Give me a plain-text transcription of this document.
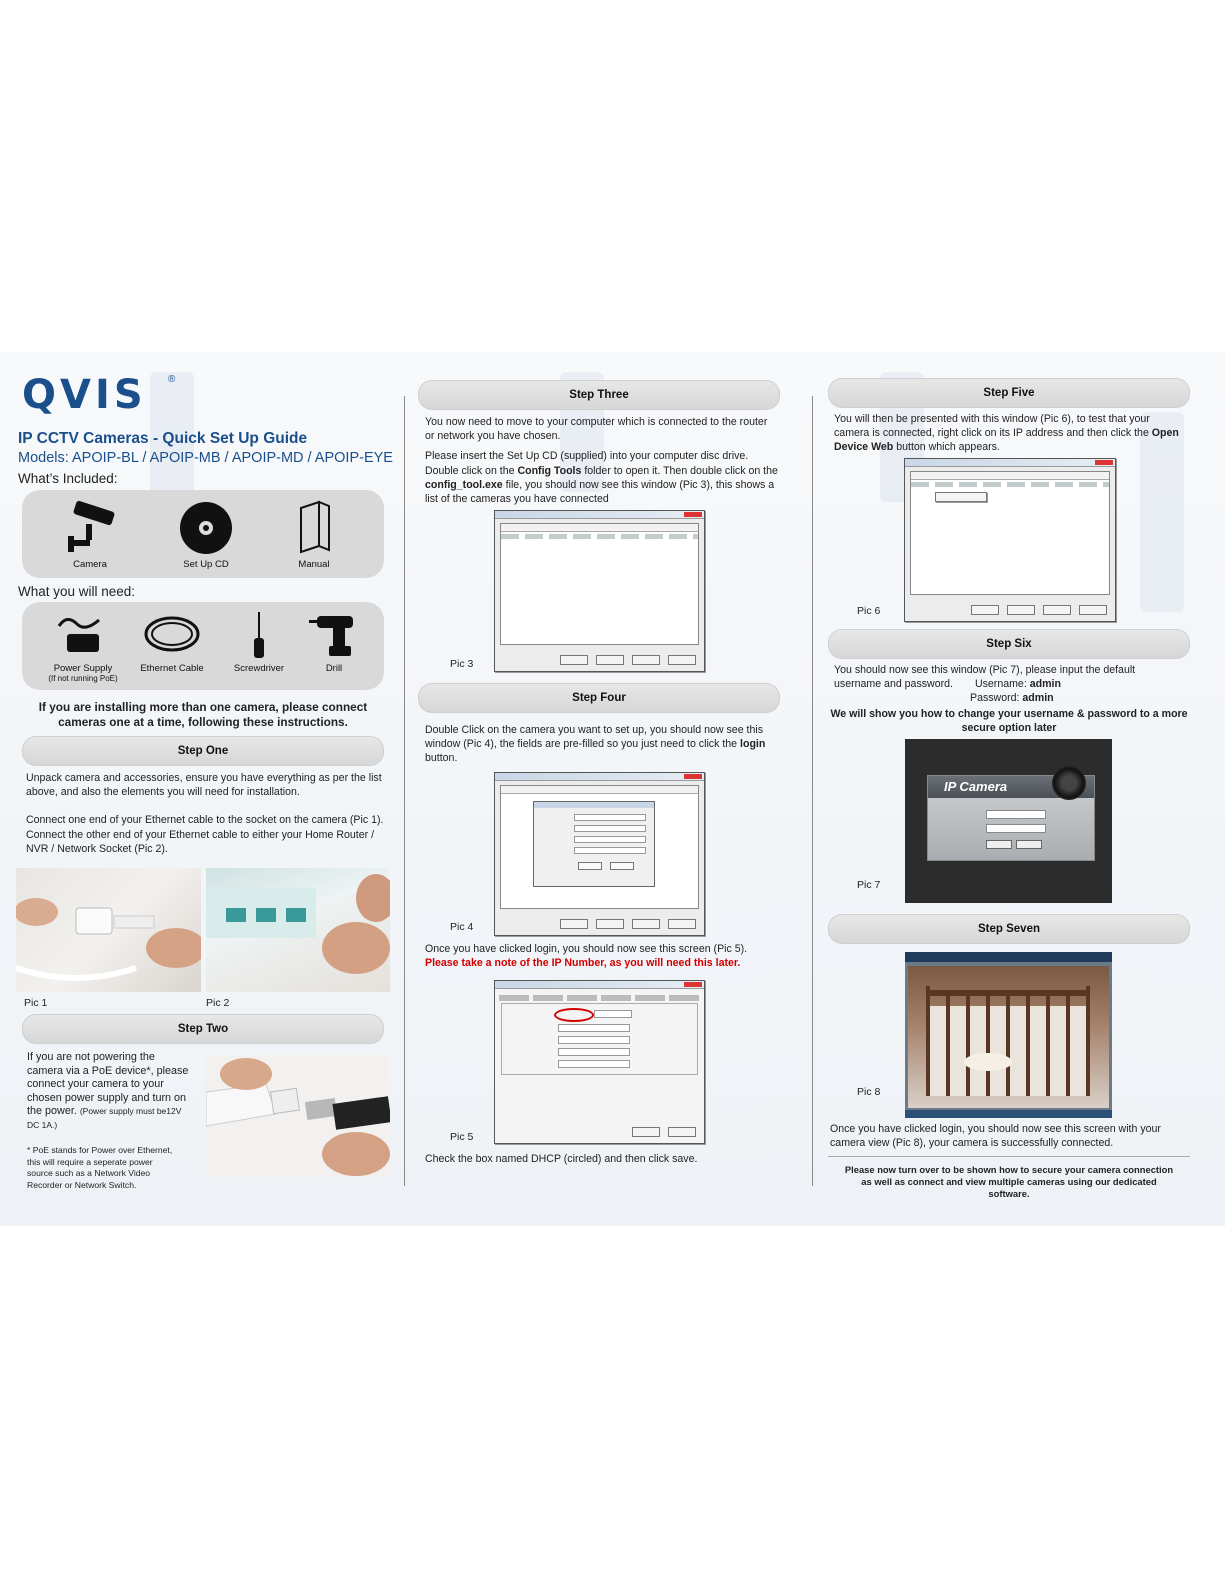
QVIS ®
IP CCTV Cameras - Quick Set Up Guide
Models: APOIP-BL / APOIP-MB / APOIP-MD / APOIP-EYE
What’s Included:
Camera	Set Up CD	Manual
What you will need:
Power Supply
(If not running PoE)
Ethernet Cable	Screwdriver	Drill
If you are installing more than one camera, please connect
cameras one at a time, following these instructions.
Step One
Unpack camera and accessories, ensure you have everything as per the list
above, and also the elements you will need for installation.
Connect one end of your Ethernet cable to the socket on the camera (Pic 1).
Connect the other end of your Ethernet cable to either your Home Router /
NVR / Network Socket (Pic 2).
Pic 1	Pic 2
Step Two
If you are not powering the
camera via a PoE device*, please
connect your camera to your
chosen power supply and turn on
the power. (Power supply must be12V
DC 1A.)
* PoE stands for Power over Ethernet,
this will require a seperate power
source such as a Network Video
Recorder or Network Switch.
Step Three
You now need to move to your computer which is connected to the router
or network you have chosen.
Please insert the Set Up CD (supplied) into your computer disc drive.
Double click on the Config Tools folder to open it. Then double click on the
config_tool.exe file, you should now see this window (Pic 3), this shows a
list of the cameras you have connected
Pic 3
Step Four
Double Click on the camera you want to set up, you should now see this
window (Pic 4), the fields are pre-filled so you just need to click the login
button.
Pic 4
Once you have clicked login, you should now see this screen (Pic 5).
Please take a note of the IP Number, as you will need this later.
Pic 5
Check the box named DHCP (circled) and then click save.
Step Five
You will then be presented with this window (Pic 6), to test that your
camera is connected, right click on its IP address and then click the Open
Device Web button which appears.
Pic 6
Step Six
You should now see this window (Pic 7), please input the default
username and password. Username: admin
Password: admin
We will show you how to change your username & password to a more
secure option later
IP Camera
Pic 7
Step Seven
Pic 8
Once you have clicked login, you should now see this screen with your
camera view (Pic 8), your camera is successfully connected.
Please now turn over to be shown how to secure your camera connection
as well as connect and view multiple cameras using our dedicated
software.
